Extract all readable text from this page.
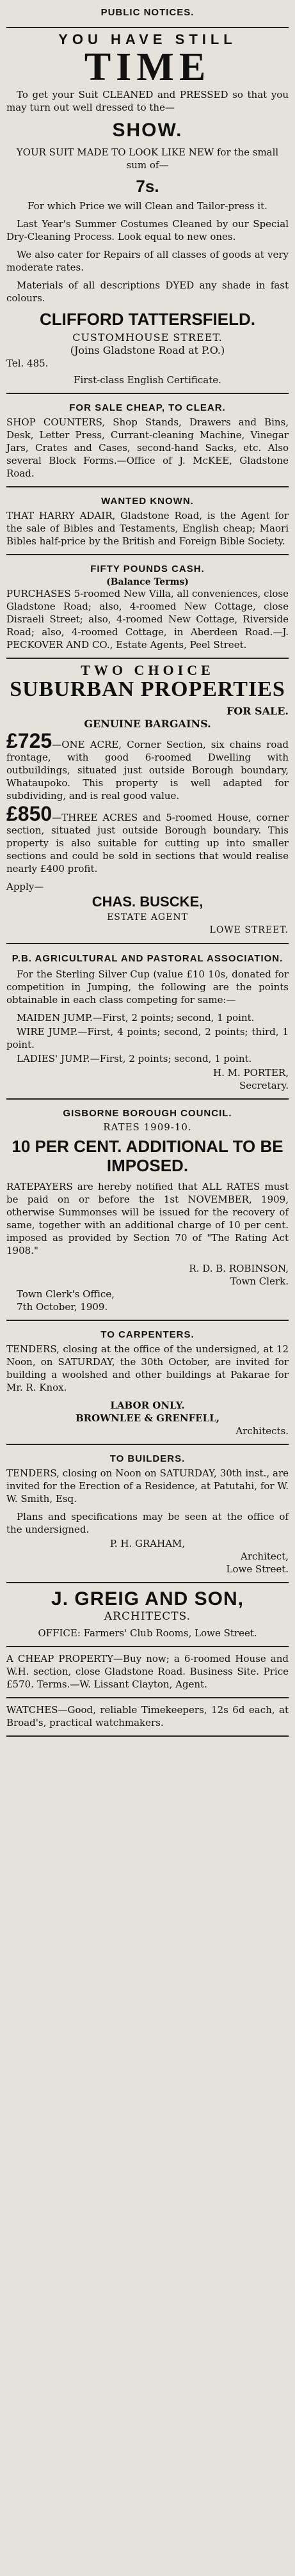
PUBLIC NOTICES.
YOU HAVE STILL
TIME

To get your Suit CLEANED and PRESSED so that you may turn out well dressed to the—

SHOW.

YOUR SUIT MADE TO LOOK LIKE NEW for the small sum of—

7s.

For which Price we will Clean and Tailor-press it.

Last Year's Summer Costumes Cleaned by our Special Dry-Cleaning Process. Look equal to new ones.

We also cater for Repairs of all classes of goods at very moderate rates.

Materials of all descriptions DYED any shade in fast colours.

CLIFFORD TATTERSFIELD.
CUSTOMHOUSE STREET.
(Joins Gladstone Road at P.O.)
Tel. 485.
First-class English Certificate.
FOR SALE CHEAP, TO CLEAR.

SHOP COUNTERS, Shop Stands, Drawers and Bins, Desk, Letter Press, Currant-cleaning Machine, Vinegar Jars, Crates and Cases, second-hand Sacks, etc. Also several Block Forms.—Office of J. McKEE, Gladstone Road.

WANTED KNOWN.

THAT HARRY ADAIR, Gladstone Road, is the Agent for the sale of Bibles and Testaments, English cheap; Maori Bibles half-price by the British and Foreign Bible Society.

FIFTY POUNDS CASH.
(Balance Terms)

PURCHASES 5-roomed New Villa, all conveniences, close Gladstone Road; also, 4-roomed New Cottage, close Disraeli Street; also, 4-roomed New Cottage, Riverside Road; also, 4-roomed Cottage, in Aberdeen Road.—J. PECKOVER AND CO., Estate Agents, Peel Street.

TWO CHOICE
SUBURBAN PROPERTIES
FOR SALE.
GENUINE BARGAINS.

£725—ONE ACRE, Corner Section, six chains road frontage, with good 6-roomed Dwelling with outbuildings, situated just outside Borough boundary, Whataupoko. This property is well adapted for subdividing, and is real good value.

£850—THREE ACRES and 5-roomed House, corner section, situated just outside Borough boundary. This property is also suitable for cutting up into smaller sections and could be sold in sections that would realise nearly £400 profit.

Apply—
CHAS. BUSCKE,
ESTATE AGENT
LOWE STREET.
P.B. AGRICULTURAL AND PASTORAL ASSOCIATION.

For the Sterling Silver Cup (value £10 10s, donated for competition in Jumping, the following are the points obtainable in each class competing for same:—

MAIDEN JUMP.—First, 2 points; second, 1 point.

WIRE JUMP.—First, 4 points; second, 2 points; third, 1 point.

LADIES' JUMP.—First, 2 points; second, 1 point.

H. M. PORTER,
Secretary.
GISBORNE BOROUGH COUNCIL.
RATES 1909-10.
10 PER CENT. ADDITIONAL TO BE IMPOSED.

RATEPAYERS are hereby notified that ALL RATES must be paid on or before the 1st NOVEMBER, 1909, otherwise Summonses will be issued for the recovery of same, together with an additional charge of 10 per cent. imposed as provided by Section 70 of "The Rating Act 1908."

R. D. B. ROBINSON,
Town Clerk.
Town Clerk's Office,
7th October, 1909.
TO CARPENTERS.

TENDERS, closing at the office of the undersigned, at 12 Noon, on SATURDAY, the 30th October, are invited for building a woolshed and other buildings at Pakarae for Mr. R. Knox.

LABOR ONLY.
BROWNLEE & GRENFELL,
Architects.
TO BUILDERS.

TENDERS, closing on Noon on SATURDAY, 30th inst., are invited for the Erection of a Residence, at Patutahi, for W. W. Smith, Esq.

Plans and specifications may be seen at the office of the undersigned.

P. H. GRAHAM,
Architect,
Lowe Street.
J. GREIG AND SON,
ARCHITECTS.

OFFICE: Farmers' Club Rooms, Lowe Street.

A CHEAP PROPERTY—Buy now; a 6-roomed House and W.H. section, close Gladstone Road. Business Site. Price £570. Terms.—W. Lissant Clayton, Agent.

WATCHES—Good, reliable Timekeepers, 12s 6d each, at Broad's, practical watchmakers.
